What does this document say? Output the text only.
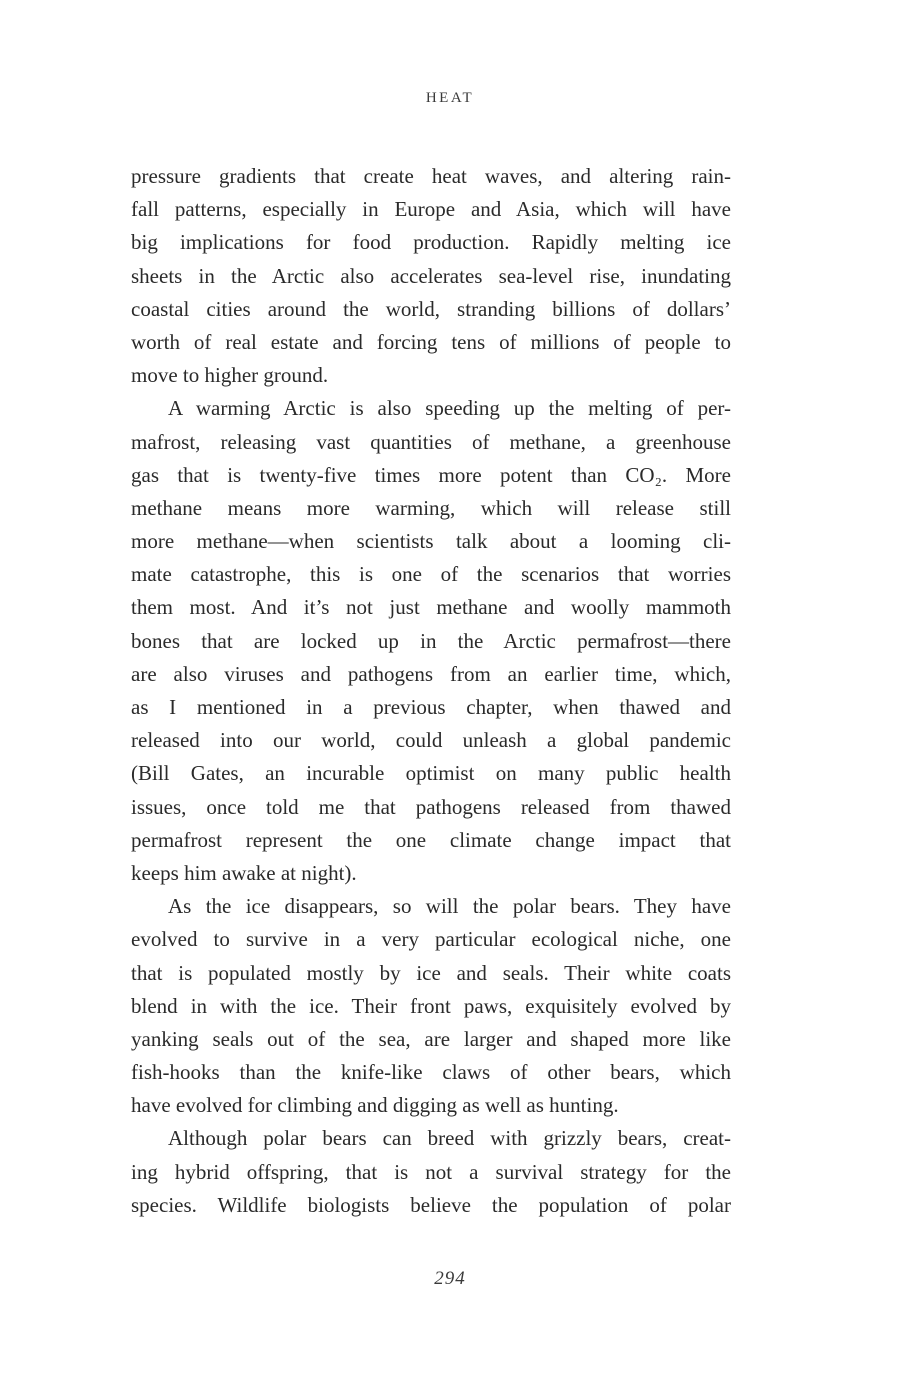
HEAT
pressure gradients that create heat waves, and altering rain-
fall patterns, especially in Europe and Asia, which will have
big implications for food production. Rapidly melting ice
sheets in the Arctic also accelerates sea-level rise, inundating
coastal cities around the world, stranding billions of dollars’
worth of real estate and forcing tens of millions of people to
move to higher ground.
A warming Arctic is also speeding up the melting of per-
mafrost, releasing vast quantities of methane, a greenhouse
gas that is twenty-five times more potent than CO₂. More
methane means more warming, which will release still
more methane—when scientists talk about a looming cli-
mate catastrophe, this is one of the scenarios that worries
them most. And it’s not just methane and woolly mammoth
bones that are locked up in the Arctic permafrost—there
are also viruses and pathogens from an earlier time, which,
as I mentioned in a previous chapter, when thawed and
released into our world, could unleash a global pandemic
(Bill Gates, an incurable optimist on many public health
issues, once told me that pathogens released from thawed
permafrost represent the one climate change impact that
keeps him awake at night).
As the ice disappears, so will the polar bears. They have
evolved to survive in a very particular ecological niche, one
that is populated mostly by ice and seals. Their white coats
blend in with the ice. Their front paws, exquisitely evolved by
yanking seals out of the sea, are larger and shaped more like
fish-hooks than the knife-like claws of other bears, which
have evolved for climbing and digging as well as hunting.
Although polar bears can breed with grizzly bears, creat-
ing hybrid offspring, that is not a survival strategy for the
species. Wildlife biologists believe the population of polar
294
